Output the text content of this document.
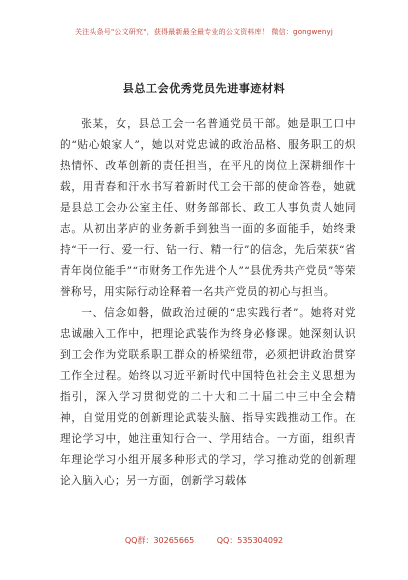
关注头条号"公文研究"，获得最新最全最专业的公文资料库！ 微信：gongwenyj
县总工会优秀党员先进事迹材料

张某，女，县总工会一名普通党员干部。她是职工口中的“贴心娘家人”，她以对党忠诚的政治品格、服务职工的炽热情怀、改革创新的责任担当，在平凡的岗位上深耕细作十载，用青春和汗水书写着新时代工会干部的使命答卷，她就是县总工会办公室主任、财务部部长、政工人事负责人她同志。从初出茅庐的业务新手到独当一面的多面能手，始终秉持“干一行、爱一行、钻一行、精一行”的信念，先后荣获“省青年岗位能手”“市财务工作先进个人”“县优秀共产党员”等荣誉称号，用实际行动诠释着一名共产党员的初心与担当。

一、信念如磐，做政治过硬的“忠实践行者”。她将对党忠诚融入工作中，把理论武装作为终身必修课。她深刻认识到工会作为党联系职工群众的桥梁纽带，必须把讲政治贯穿工作全过程。始终以习近平新时代中国特色社会主义思想为指引，深入学习贯彻党的二十大和二十届二中三中全会精神，自觉用党的创新理论武装头脑、指导实践推动工作。在理论学习中，她注重知行合一、学用结合。一方面，组织青年理论学习小组开展多种形式的学习，学习推动党的创新理论入脑入心；另一方面，创新学习载体

QQ群：30265665	QQ：535304092
